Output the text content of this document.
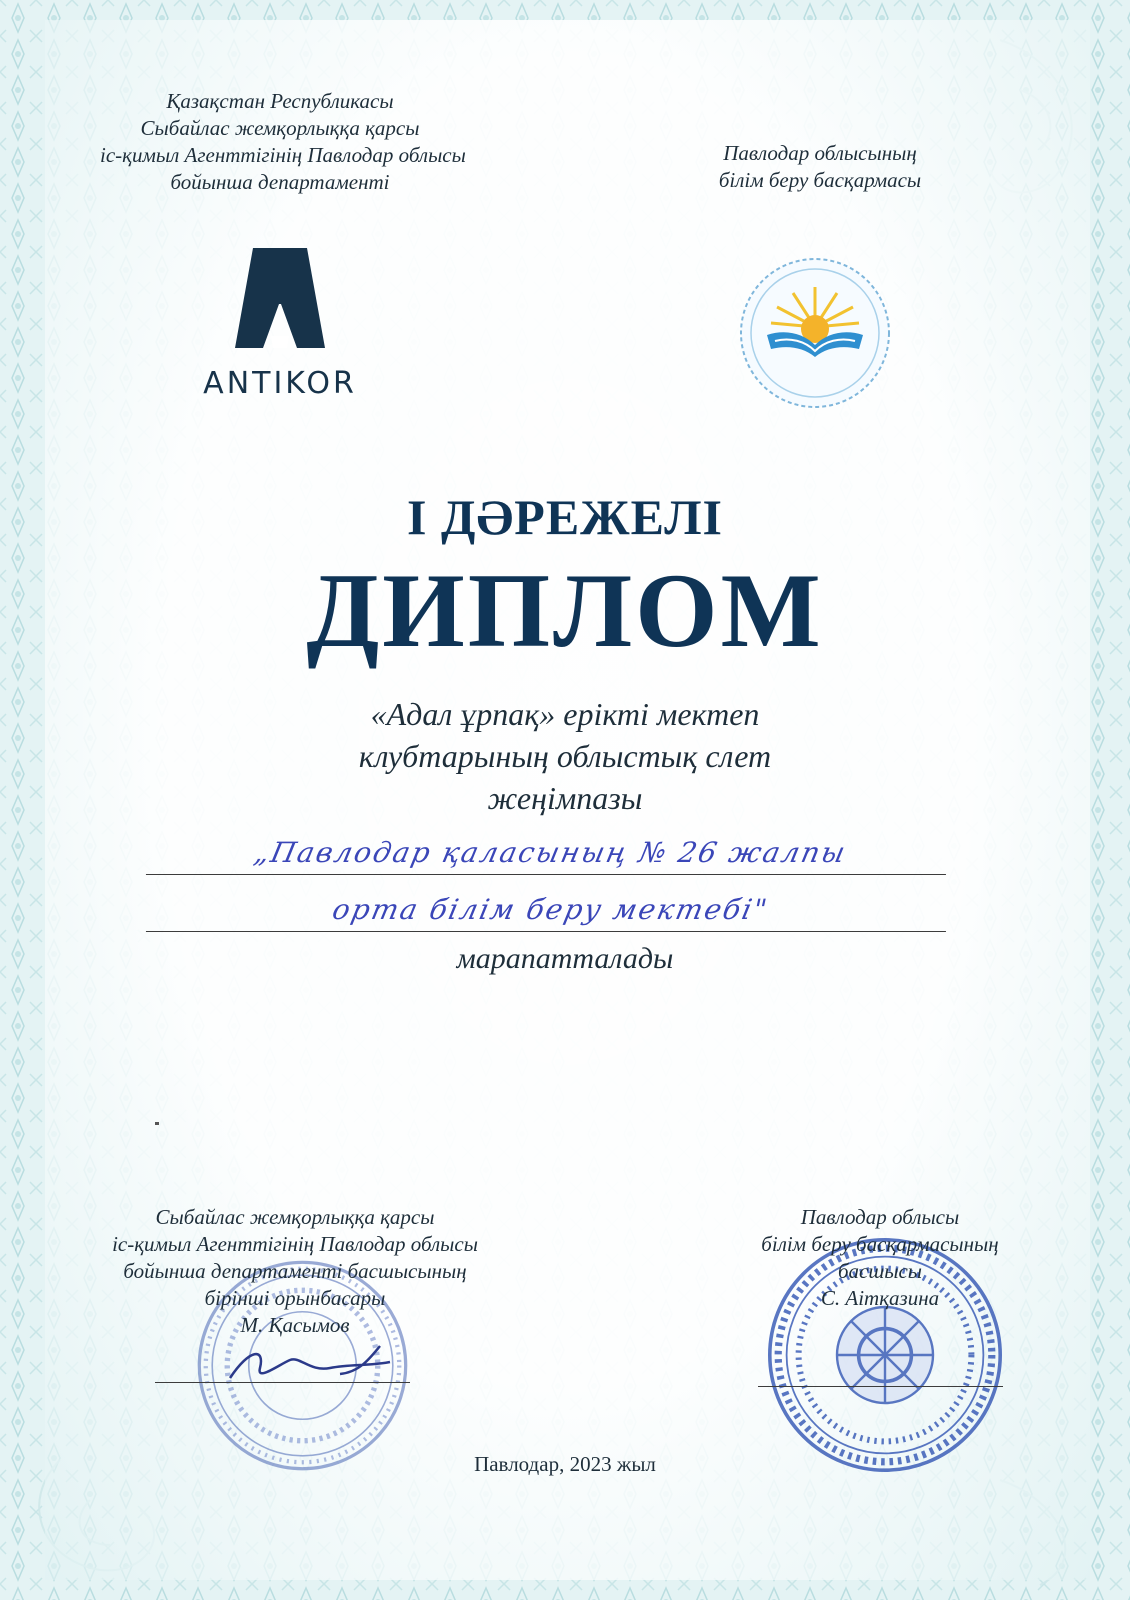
Қазақстан Республикасы
Сыбайлас жемқорлыққа қарсы
іс-қимыл Агенттігінің Павлодар облысы
бойынша департаменті
Павлодар облысының
білім беру басқармасы
ANTIKOR
І ДӘРЕЖЕЛІ
ДИПЛОМ
«Адал ұрпақ» ерікті мектеп
клубтарының облыстық слет
жеңімпазы
„Павлодар қаласының № 26 жалпы
орта білім беру мектебі"
марапатталады
Сыбайлас жемқорлыққа қарсы
іс-қимыл Агенттігінің Павлодар облысы
бойынша департаменті басшысының
бірінші орынбасары
М. Қасымов
Павлодар облысы
білім беру басқармасының
басшысы
С. Аітқазина
Павлодар, 2023 жыл
